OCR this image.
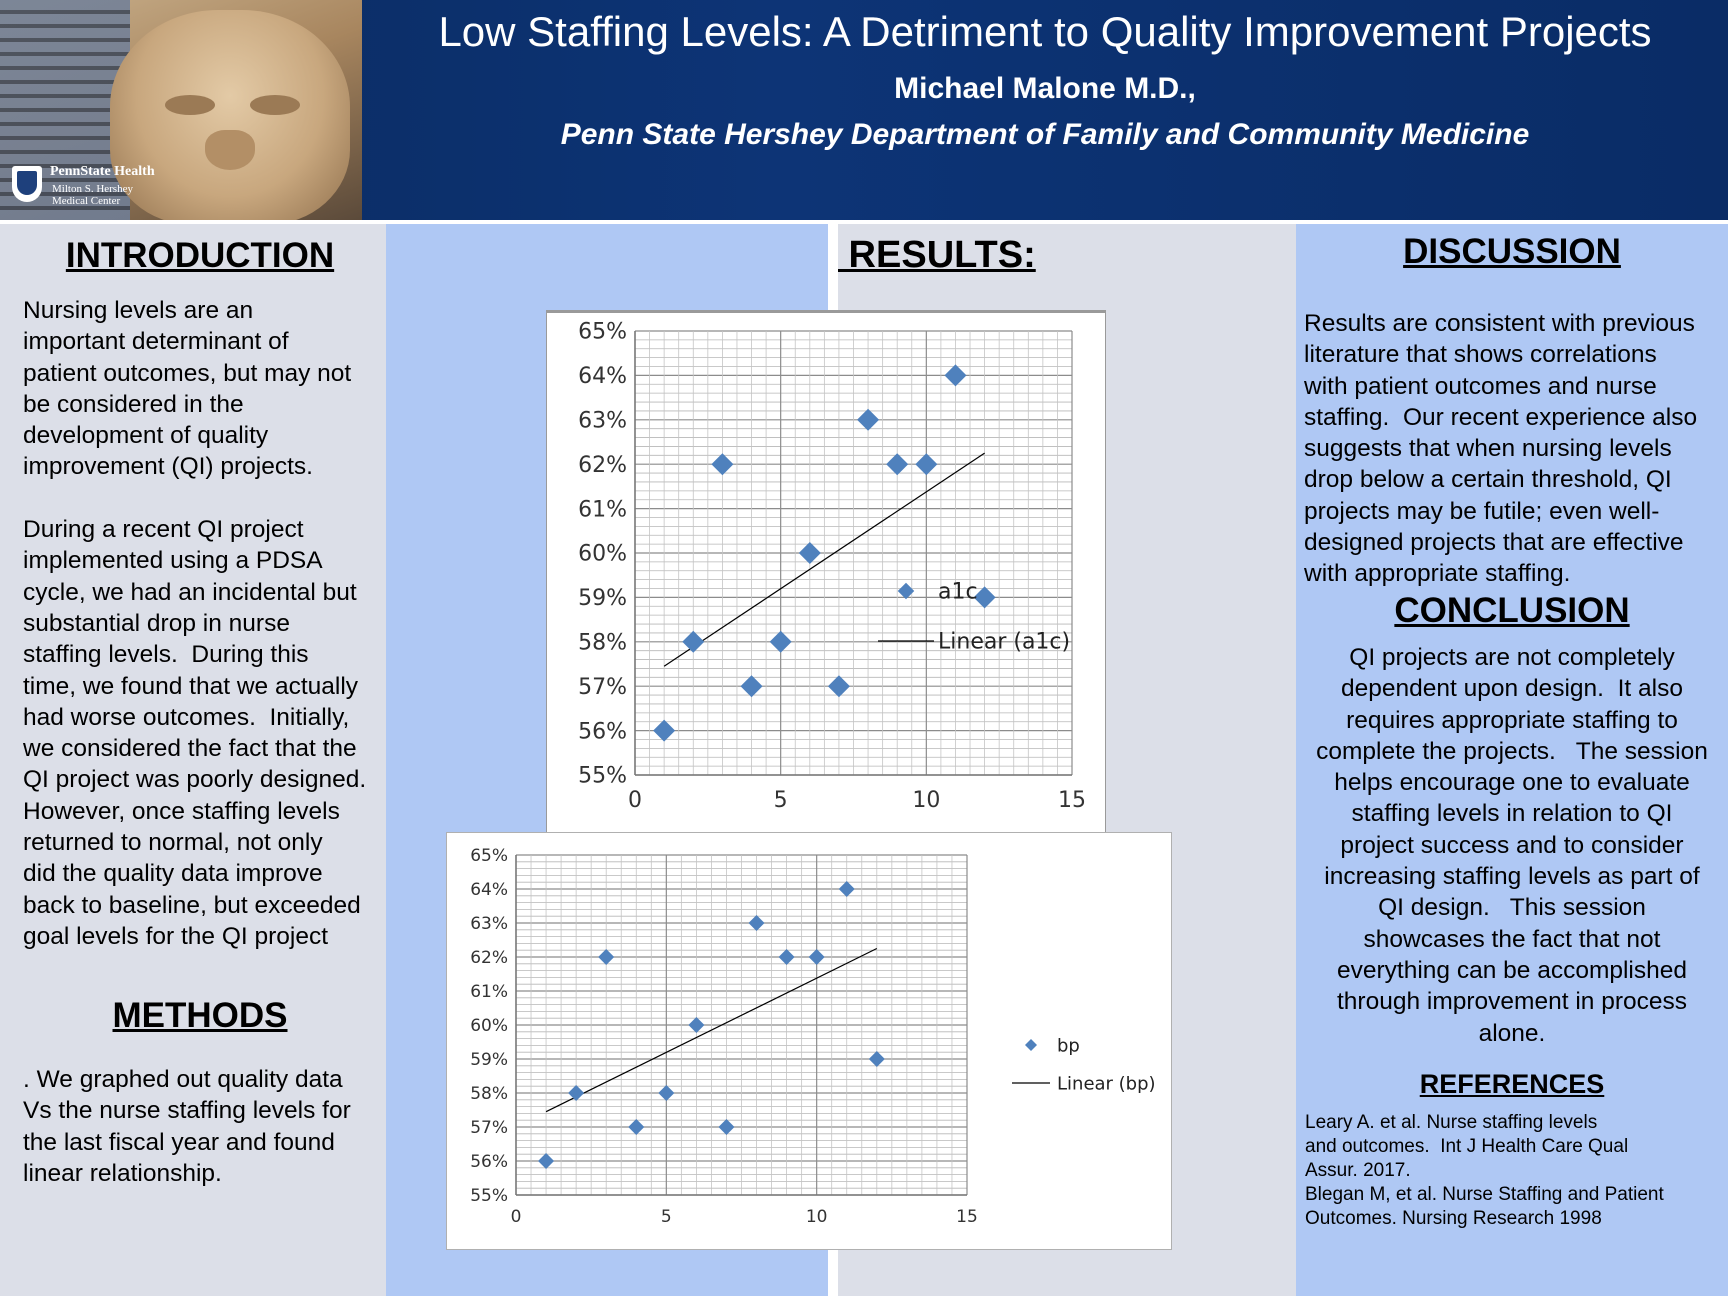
PennState Health
Milton S. Hershey
Medical Center
Low Staffing Levels: A Detriment to Quality Improvement Projects
Michael Malone M.D.,
Penn State Hershey Department of Family and Community Medicine
INTRODUCTION
Nursing levels are an
important determinant of
patient outcomes, but may not
be considered in the
development of quality
improvement (QI) projects.

During a recent QI project
implemented using a PDSA
cycle, we had an incidental but
substantial drop in nurse
staffing levels.  During this
time, we found that we actually
had worse outcomes.  Initially,
we considered the fact that the
QI project was poorly designed.
However, once staffing levels
returned to normal, not only
did the quality data improve
back to baseline, but exceeded
goal levels for the QI project
METHODS
. We graphed out quality data
Vs the nurse staffing levels for
the last fiscal year and found
linear relationship.
RESULTS:
55%
56%
57%
58%
59%
60%
61%
62%
63%
64%
65%
0	5	10	15
a1c
Linear (a1c)
55%
56%
57%
58%
59%
60%
61%
62%
63%
64%
65%
0	5	10	15
bp
Linear (bp)
DISCUSSION
Results are consistent with previous
literature that shows correlations
with patient outcomes and nurse
staffing.  Our recent experience also
suggests that when nursing levels
drop below a certain threshold, QI
projects may be futile; even well-
designed projects that are effective
with appropriate staffing.
CONCLUSION
QI projects are not completely
dependent upon design.  It also
requires appropriate staffing to
complete the projects.   The session
helps encourage one to evaluate
staffing levels in relation to QI
project success and to consider
increasing staffing levels as part of
QI design.   This session
showcases the fact that not
everything can be accomplished
through improvement in process
alone.
REFERENCES
Leary A. et al. Nurse staffing levels
and outcomes.  Int J Health Care Qual
Assur. 2017.
Blegan M, et al. Nurse Staffing and Patient
Outcomes. Nursing Research 1998
